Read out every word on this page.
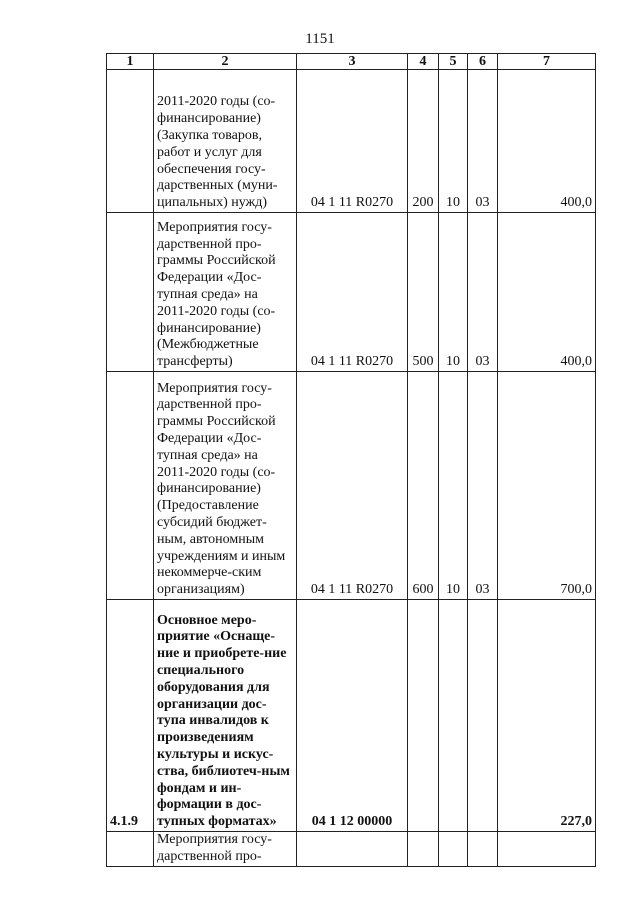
1151
1	2	3	4	5	6	7
	2011-2020 годы (со-финансирование) (Закупка товаров, работ и услуг для обеспечения госу-дарственных (муни-ципальных) нужд)	04 1 11 R0270	200	10	03	400,0
	Мероприятия госу-дарственной про-граммы Российской Федерации «Дос-тупная среда» на 2011-2020 годы (со-финансирование) (Межбюджетные трансферты)	04 1 11 R0270	500	10	03	400,0
	Мероприятия госу-дарственной про-граммы Российской Федерации «Дос-тупная среда» на 2011-2020 годы (со-финансирование) (Предоставление субсидий бюджет-ным, автономным учреждениям и иным некоммерче-ским организациям)	04 1 11 R0270	600	10	03	700,0
4.1.9	Основное меро-приятие «Оснаще-ние и приобрете-ние специального оборудования для организации дос-тупа инвалидов к произведениям культуры и искус-ства, библиотеч-ным фондам и ин-формации в дос-тупных форматах»	04 1 12 00000				227,0
	Мероприятия госу-дарственной про-					
